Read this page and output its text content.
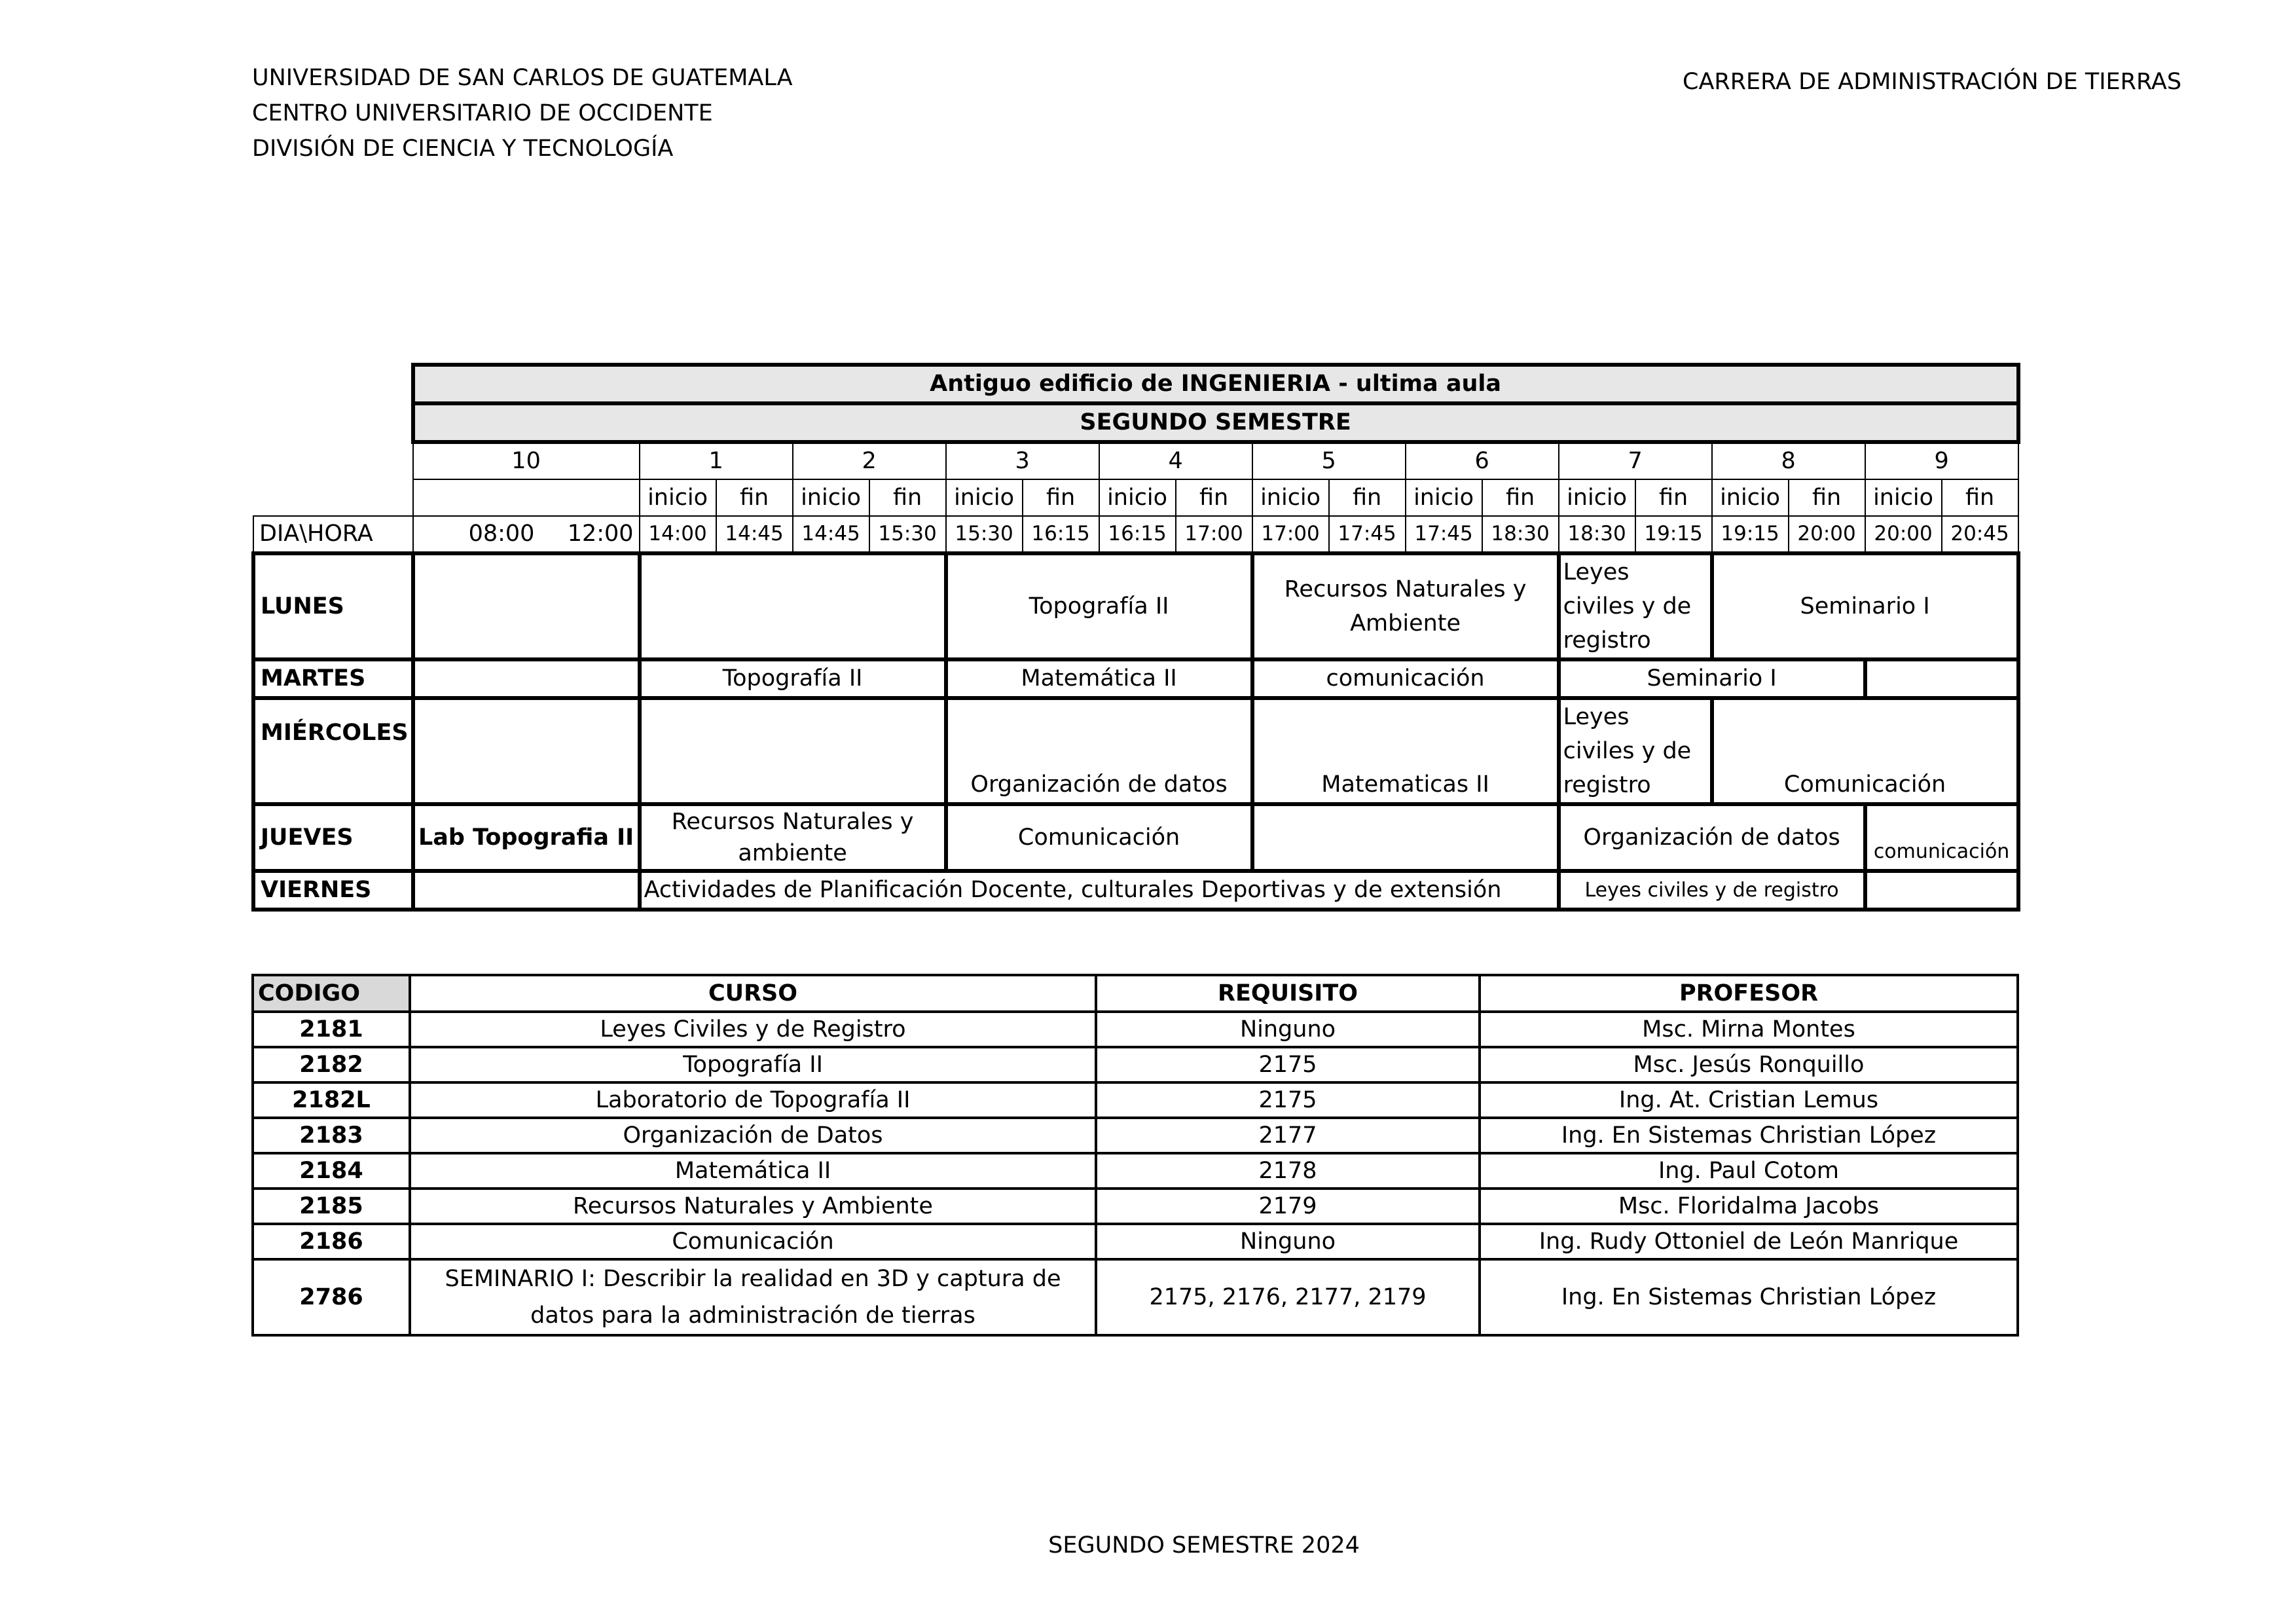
UNIVERSIDAD DE SAN CARLOS DE GUATEMALA
CENTRO UNIVERSITARIO DE OCCIDENTE
DIVISIÓN DE CIENCIA Y TECNOLOGÍA
CARRERA DE ADMINISTRACIÓN DE TIERRAS
	Antiguo edificio de INGENIERIA - ultima aula																		
	SEGUNDO SEMESTRE																		
	10	1		2		3		4		5		6		7		8		9	
		inicio	fin	inicio	fin	inicio	fin	inicio	fin	inicio	fin	inicio	fin	inicio	fin	inicio	fin	inicio	fin
DIA\HORA	08:00 12:00	14:00	14:45	14:45	15:30	15:30	16:15	16:15	17:00	17:00	17:45	17:45	18:30	18:30	19:15	19:15	20:00	20:00	20:45
LUNES						Topografía II				Recursos Naturales y Ambiente				Leyes civiles y de registro		Seminario I			
MARTES		Topografía II				Matemática II				comunicación				Seminario I					
MIÉRCOLES						Organización de datos				Matematicas II				Leyes civiles y de registro		Comunicación			
JUEVES	Lab Topografia II	Recursos Naturales y ambiente				Comunicación								Organización de datos				comunicación	
VIERNES		Actividades de Planificación Docente, culturales Deportivas y de extensión												Leyes civiles y de registro					
CODIGO	CURSO	REQUISITO	PROFESOR
2181	Leyes Civiles y de Registro	Ninguno	Msc. Mirna Montes
2182	Topografía II	2175	Msc. Jesús Ronquillo
2182L	Laboratorio de Topografía II	2175	Ing. At. Cristian Lemus
2183	Organización de Datos	2177	Ing. En Sistemas Christian López
2184	Matemática II	2178	Ing. Paul Cotom
2185	Recursos Naturales y Ambiente	2179	Msc. Floridalma Jacobs
2186	Comunicación	Ninguno	Ing. Rudy Ottoniel de León Manrique
2786	SEMINARIO I: Describir la realidad en 3D y captura de datos para la administración de tierras	2175, 2176, 2177, 2179	Ing. En Sistemas Christian López
SEGUNDO SEMESTRE 2024
